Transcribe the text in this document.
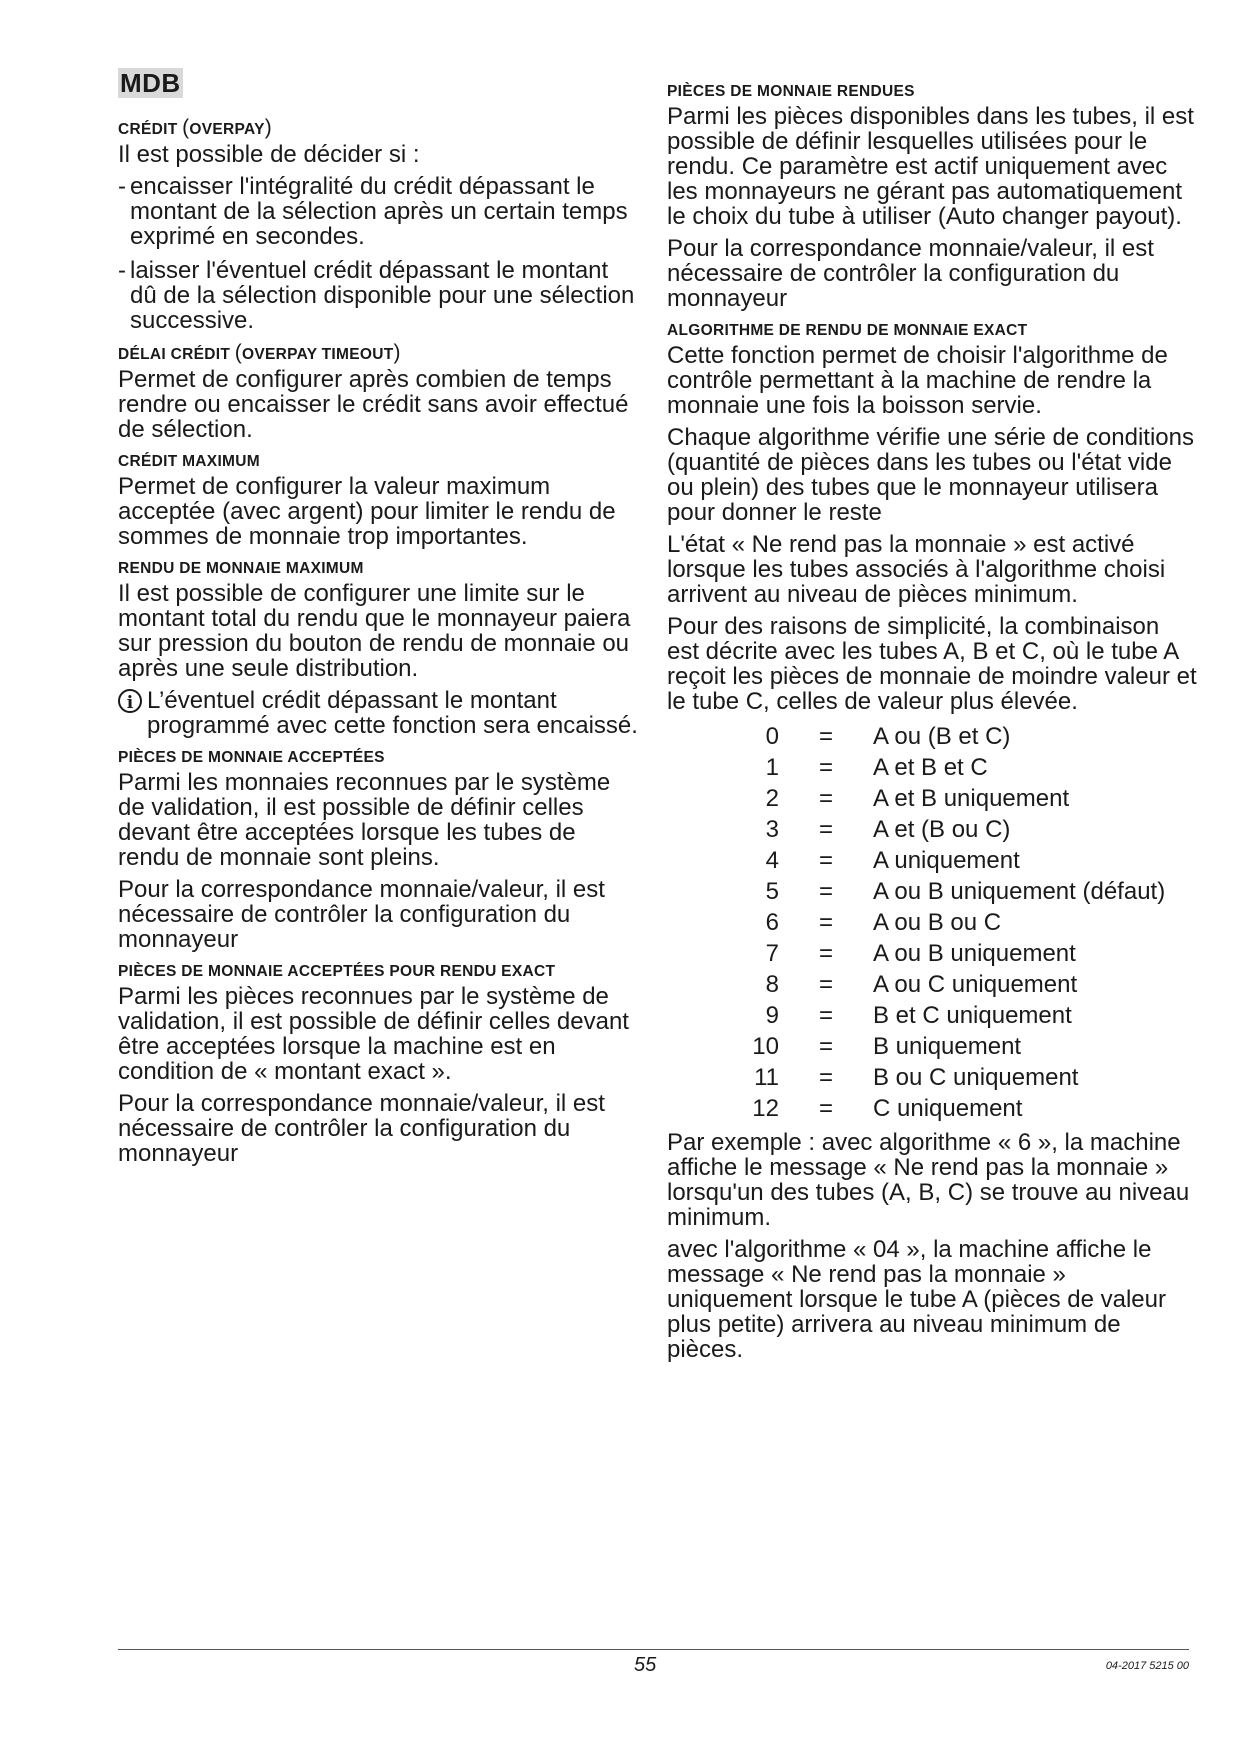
MDB
CRÉDIT (OVERPAY)
Il est possible de décider si :
- encaisser l'intégralité du crédit dépassant le montant de la sélection après un certain temps exprimé en secondes.
- laisser l'éventuel crédit dépassant le montant dû de la sélection disponible pour une sélection successive.
DÉLAI CRÉDIT (OVERPAY TIMEOUT)
Permet de configurer après combien de temps rendre ou encaisser le crédit sans avoir effectué de sélection.
CRÉDIT MAXIMUM
Permet de configurer la valeur maximum acceptée (avec argent) pour limiter le rendu de sommes de monnaie trop importantes.
RENDU DE MONNAIE MAXIMUM
Il est possible de configurer une limite sur le montant total du rendu que le monnayeur paiera sur pression du bouton de rendu de monnaie ou après une seule distribution.
i L’éventuel crédit dépassant le montant programmé avec cette fonction sera encaissé.
PIÈCES DE MONNAIE ACCEPTÉES
Parmi les monnaies reconnues par le système de validation, il est possible de définir celles devant être acceptées lorsque les tubes de rendu de monnaie sont pleins.
Pour la correspondance monnaie/valeur, il est nécessaire de contrôler la configuration du monnayeur
PIÈCES DE MONNAIE ACCEPTÉES POUR RENDU EXACT
Parmi les pièces reconnues par le système de validation, il est possible de définir celles devant être acceptées lorsque la machine est en condition de « montant exact ».
Pour la correspondance monnaie/valeur, il est nécessaire de contrôler la configuration du monnayeur
PIÈCES DE MONNAIE RENDUES
Parmi les pièces disponibles dans les tubes, il est possible de définir lesquelles utilisées pour le rendu. Ce paramètre est actif uniquement avec les monnayeurs ne gérant pas automatiquement le choix du tube à utiliser (Auto changer payout).
Pour la correspondance monnaie/valeur, il est nécessaire de contrôler la configuration du monnayeur
ALGORITHME DE RENDU DE MONNAIE EXACT
Cette fonction permet de choisir l'algorithme de contrôle permettant à la machine de rendre la monnaie une fois la boisson servie.
Chaque algorithme vérifie une série de conditions (quantité de pièces dans les tubes ou l'état vide ou plein) des tubes que le monnayeur utilisera pour donner le reste
L'état « Ne rend pas la monnaie » est activé lorsque les tubes associés à l'algorithme choisi arrivent au niveau de pièces minimum.
Pour des raisons de simplicité, la combinaison est décrite avec les tubes A, B et C, où le tube A reçoit les pièces de monnaie de moindre valeur et le tube C, celles de valeur plus élevée.
0	=	A ou (B et C)
1	=	A et B et C
2	=	A et B uniquement
3	=	A et (B ou C)
4	=	A uniquement
5	=	A ou B uniquement (défaut)
6	=	A ou B ou C
7	=	A ou B uniquement
8	=	A ou C uniquement
9	=	B et C uniquement
10	=	B uniquement
11	=	B ou C uniquement
12	=	C uniquement
Par exemple : avec algorithme « 6 », la machine affiche le message « Ne rend pas la monnaie » lorsqu'un des tubes (A, B, C) se trouve au niveau minimum.
avec l'algorithme « 04 », la machine affiche le message « Ne rend pas la monnaie » uniquement lorsque le tube A (pièces de valeur plus petite) arrivera au niveau minimum de pièces.
55	04-2017 5215 00
